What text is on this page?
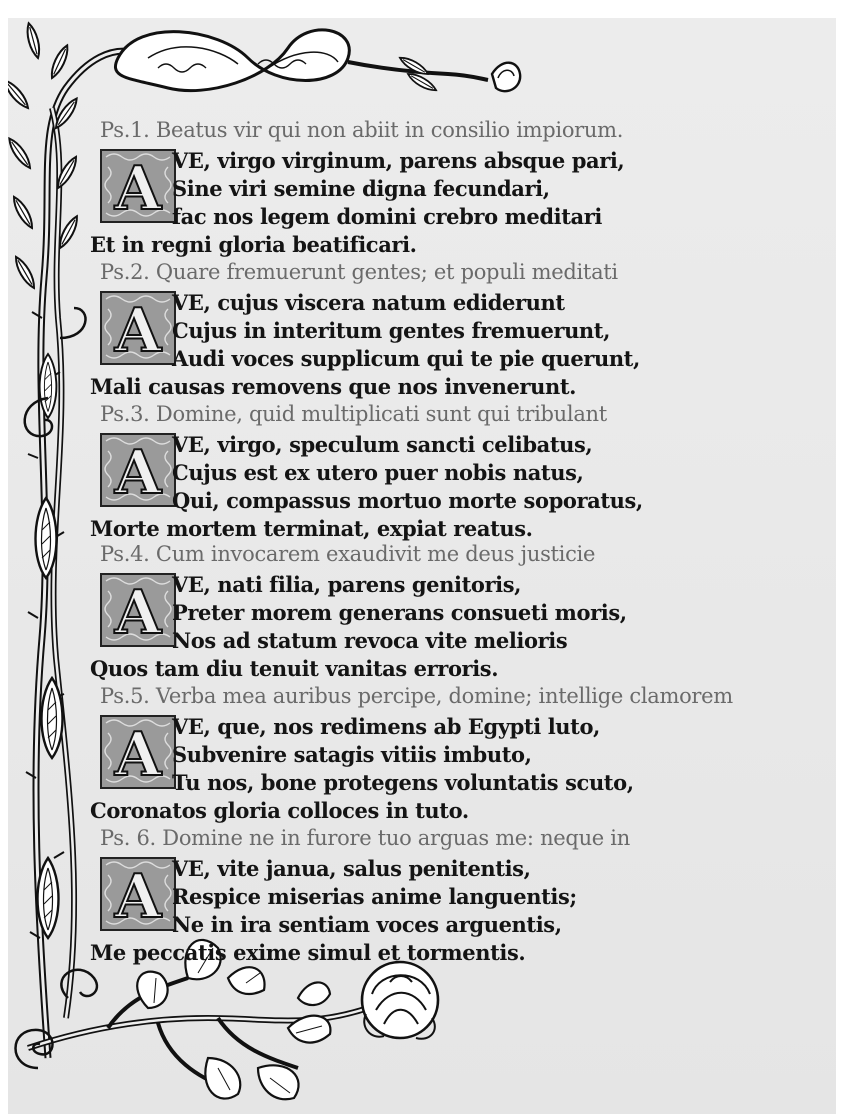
Ps.1. Beatus vir qui non abiit in consilio impiorum.
A VE, virgo virginum, parens absque pari,
Sine viri semine digna fecundari,
fac nos legem domini crebro meditari
Et in regni gloria beatificari.
Ps.2. Quare fremuerunt gentes; et populi meditati
A VE, cujus viscera natum ediderunt
Cujus in interitum gentes fremuerunt,
Audi voces supplicum qui te pie querunt,
Mali causas removens que nos invenerunt.
Ps.3. Domine, quid multiplicati sunt qui tribulant
A VE, virgo, speculum sancti celibatus,
Cujus est ex utero puer nobis natus,
Qui, compassus mortuo morte soporatus,
Morte mortem terminat, expiat reatus.
Ps.4. Cum invocarem exaudivit me deus justicie
A VE, nati filia, parens genitoris,
Preter morem generans consueti moris,
Nos ad statum revoca vite melioris
Quos tam diu tenuit vanitas erroris.
Ps.5. Verba mea auribus percipe, domine; intellige clamorem
A VE, que, nos redimens ab Egypti luto,
Subvenire satagis vitiis imbuto,
Tu nos, bone protegens voluntatis scuto,
Coronatos gloria colloces in tuto.
Ps. 6. Domine ne in furore tuo arguas me: neque in
A VE, vite janua, salus penitentis,
Respice miserias anime languentis;
Ne in ira sentiam voces arguentis,
Me peccatis exime simul et tormentis.
